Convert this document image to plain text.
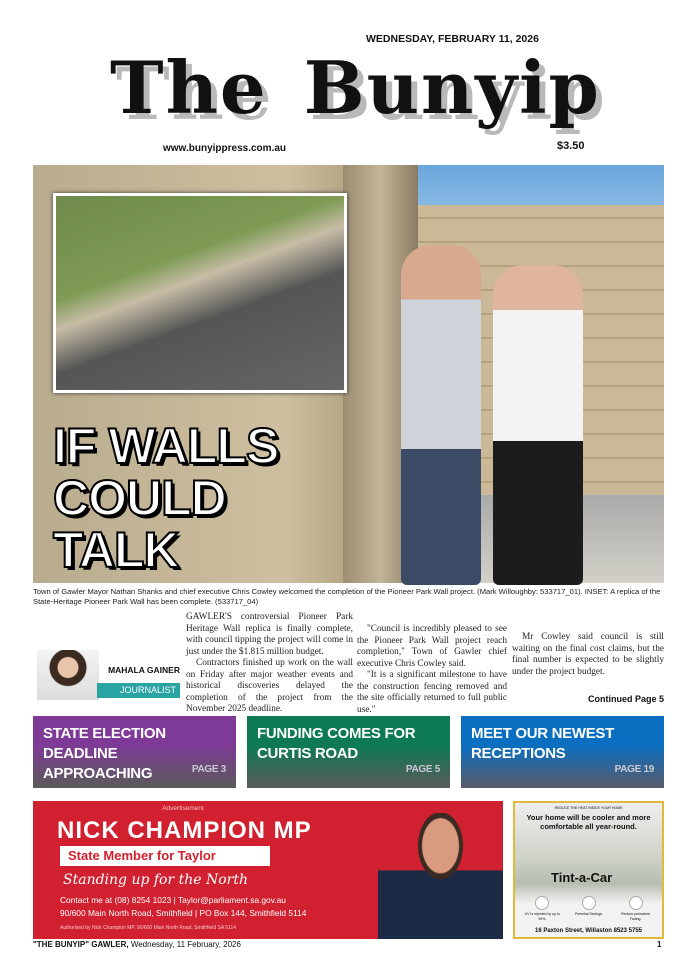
The Bunyip
WEDNESDAY, FEBRUARY 11, 2026
www.bunyippress.com.au	$3.50
IF WALLS
COULD
TALK
Town of Gawler Mayor Nathan Shanks and chief executive Chris Cowley welcomed the completion of the Pioneer Park Wall project. (Mark Willoughby: 533717_01). INSET: A replica of the State-Heritage Pioneer Park Wall has been complete. (533717_04)
MAHALA GAINER
JOURNALIST

GAWLER'S controversial Pioneer Park Heritage Wall replica is finally complete, with council tipping the project will come in just under the $1.815 million budget.

Contractors finished up work on the wall on Friday after major weather events and historical discoveries delayed the completion of the project from the November 2025 deadline.

"Council is incredibly pleased to see the Pioneer Park Wall project reach completion," Town of Gawler chief executive Chris Cowley said.

"It is a significant milestone to have the construction fencing removed and the site officially returned to full public use."

Mr Cowley said council is still waiting on the final cost claims, but the final number is expected to be slightly under the project budget.

Continued Page 5
STATE ELECTION DEADLINE APPROACHING	PAGE 3
FUNDING COMES FOR CURTIS ROAD
PAGE 5
MEET OUR NEWEST RECEPTIONS
PAGE 19
Advertisement
NICK CHAMPION MP
State Member for Taylor
Standing up for the North
Contact me at (08) 8254 1023 | Taylor@parliament.sa.gov.au
90/600 Main North Road, Smithfield | PO Box 144, Smithfield 5114
Authorised by Nick Champion MP, 90/600 Main North Road, Smithfield SA 5114
REDUCE THE HEAT INSIDE YOUR HOME
Your home will be cooler and more comfortable all year-round.
Tint-a-Car
UV is rejected by up to 99%.
Potential Savings.	Reduce premature Fading.
16 Paxton Street, Willaston 8523 5755
"THE BUNYIP" GAWLER, Wednesday, 11 February, 2026	1
